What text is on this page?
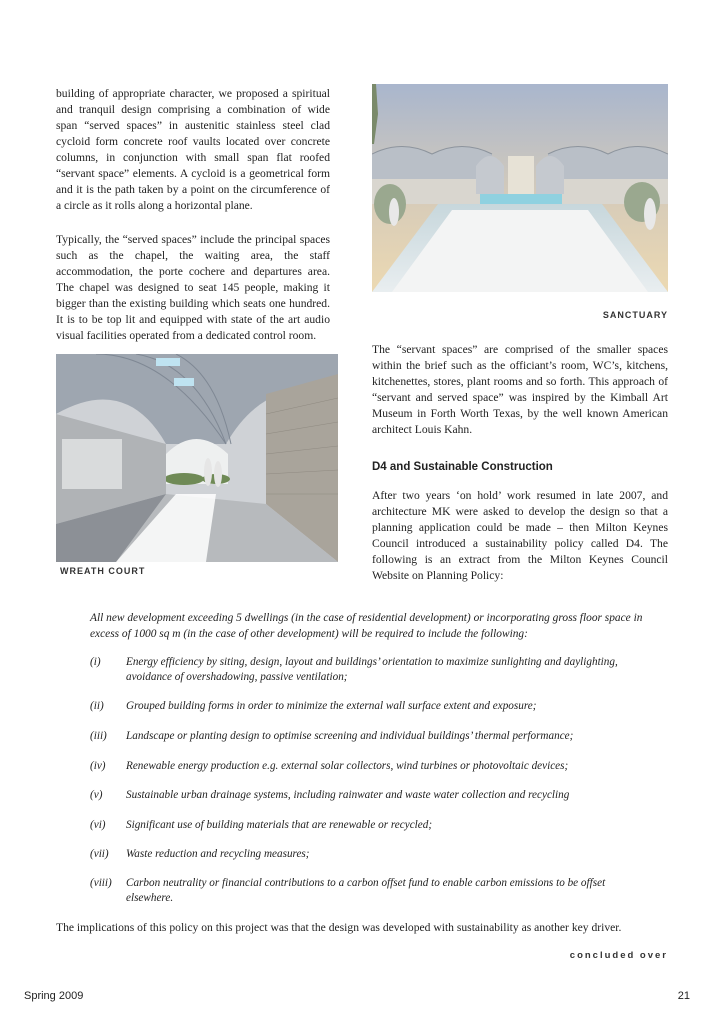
building of appropriate character, we proposed a spiritual and tranquil design comprising a combination of wide span “served spaces” in austenitic stainless steel clad cycloid form concrete roof vaults located over concrete columns, in conjunction with small span flat roofed “servant space” elements. A cycloid is a geometrical form and it is the path taken by a point on the circumference of a circle as it rolls along a horizontal plane.
Typically, the “served spaces” include the principal spaces such as the chapel, the waiting area, the staff accommodation, the porte cochere and departures area. The chapel was designed to seat 145 people, making it bigger than the existing building which seats one hundred. It is to be top lit and equipped with state of the art audio visual facilities operated from a dedicated control room.
SANCTUARY
WREATH COURT
The “servant spaces” are comprised of the smaller spaces within the brief such as the officiant’s room, WC’s, kitchens, kitchenettes, stores, plant rooms and so forth. This approach of “servant and served space” was inspired by the Kimball Art Museum in Forth Worth Texas, by the well known American architect Louis Kahn.
D4 and Sustainable Construction
After two years ‘on hold’ work resumed in late 2007, and architecture MK were asked to develop the design so that a planning application could be made – then Milton Keynes Council introduced a sustainability policy called D4. The following is an extract from the Milton Keynes Council Website on Planning Policy:
All new development exceeding 5 dwellings (in the case of residential development) or incorporating gross floor space in excess of 1000 sq m (in the case of other development) will be required to include the following:
(i)	Energy efficiency by siting, design, layout and buildings’ orientation to maximize sunlighting and daylighting, avoidance of overshadowing, passive ventilation;
(ii)	Grouped building forms in order to minimize the external wall surface extent and exposure;
(iii)	Landscape or planting design to optimise screening and individual buildings’ thermal performance;
(iv)	Renewable energy production e.g. external solar collectors, wind turbines or photovoltaic devices;
(v)	Sustainable urban drainage systems, including rainwater and waste water collection and recycling
(vi)	Significant use of building materials that are renewable or recycled;
(vii)	Waste reduction and recycling measures;
(viii)	Carbon neutrality or financial contributions to a carbon offset fund to enable carbon emissions to be offset elsewhere.
The implications of this policy on this project was that the design was developed with sustainability as another key driver.
concluded over
Spring 2009	21
